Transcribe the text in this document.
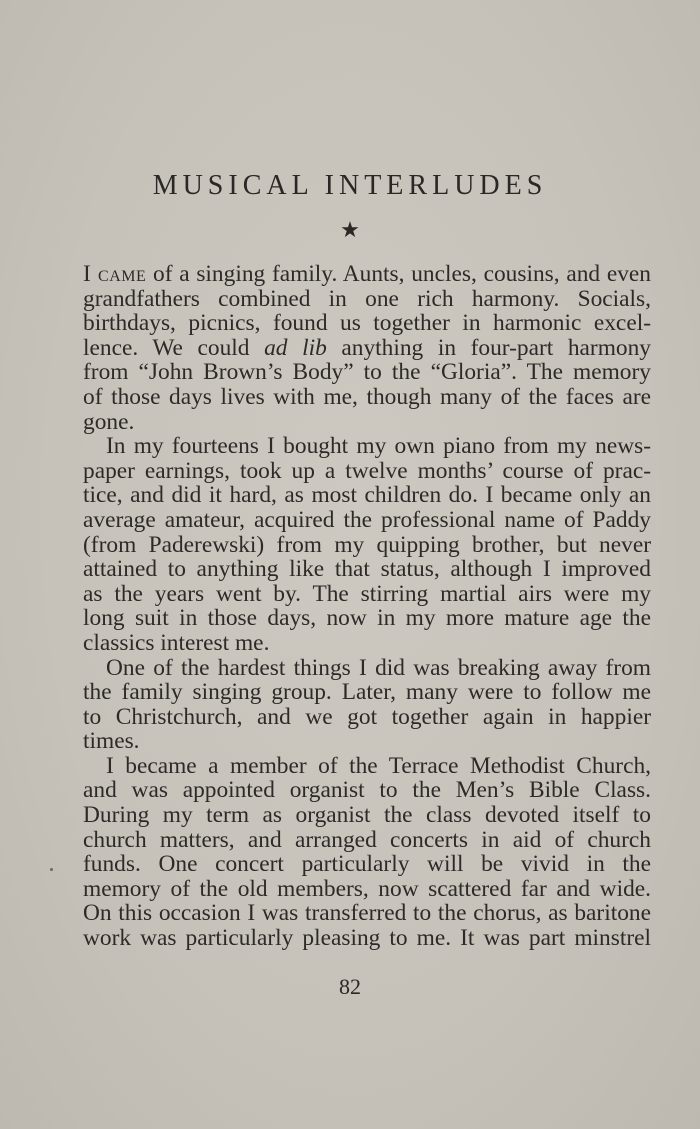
MUSICAL INTERLUDES
★

I came of a singing family. Aunts, uncles, cousins, and even
grandfathers combined in one rich harmony. Socials,
birthdays, picnics, found us together in harmonic excel-
lence. We could ad lib anything in four-part harmony
from “John Brown’s Body” to the “Gloria”. The memory
of those days lives with me, though many of the faces are
gone.

In my fourteens I bought my own piano from my news-
paper earnings, took up a twelve months’ course of prac-
tice, and did it hard, as most children do. I became only an
average amateur, acquired the professional name of Paddy
(from Paderewski) from my quipping brother, but never
attained to anything like that status, although I improved
as the years went by. The stirring martial airs were my
long suit in those days, now in my more mature age the
classics interest me.

One of the hardest things I did was breaking away from
the family singing group. Later, many were to follow me
to Christchurch, and we got together again in happier
times.

I became a member of the Terrace Methodist Church,
and was appointed organist to the Men’s Bible Class.
During my term as organist the class devoted itself to
church matters, and arranged concerts in aid of church
funds. One concert particularly will be vivid in the
memory of the old members, now scattered far and wide.
On this occasion I was transferred to the chorus, as baritone
work was particularly pleasing to me. It was part minstrel

82
